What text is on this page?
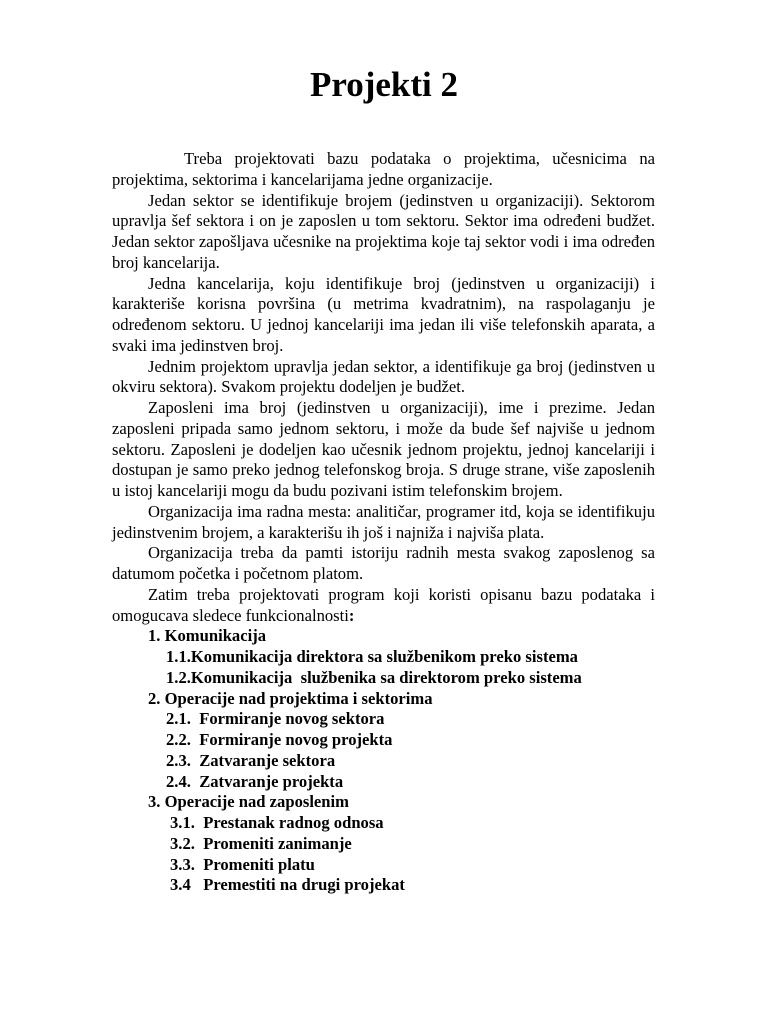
Projekti 2

Treba projektovati bazu podataka o projektima, učesnicima na projektima, sektorima i kancelarijama jedne organizacije.

Jedan sektor se identifikuje brojem (jedinstven u organizaciji). Sektorom upravlja šef sektora i on je zaposlen u tom sektoru. Sektor ima određeni budžet. Jedan sektor zapošljava učesnike na projektima koje taj sektor vodi i ima određen broj kancelarija.

Jedna kancelarija, koju identifikuje broj (jedinstven u organizaciji) i karakteriše korisna površina (u metrima kvadratnim), na raspolaganju je određenom sektoru. U jednoj kancelariji ima jedan ili više telefonskih aparata, a svaki ima jedinstven broj.

Jednim projektom upravlja jedan sektor, a identifikuje ga broj (jedinstven u okviru sektora). Svakom projektu dodeljen je budžet.

Zaposleni ima broj (jedinstven u organizaciji), ime i prezime. Jedan zaposleni pripada samo jednom sektoru, i može da bude šef najviše u jednom sektoru. Zaposleni je dodeljen kao učesnik jednom projektu, jednoj kancelariji i dostupan je samo preko jednog telefonskog broja. S druge strane, više zaposlenih u istoj kancelariji mogu da budu pozivani istim telefonskim brojem.

Organizacija ima radna mesta: analitičar, programer itd, koja se identifikuju jedinstvenim brojem, a karakterišu ih još i najniža i najviša plata.

Organizacija treba da pamti istoriju radnih mesta svakog zaposlenog sa datumom početka i početnom platom.

Zatim treba projektovati program koji koristi opisanu bazu podataka i omogucava sledece funkcionalnosti:

1. Komunikacija
1.1.Komunikacija direktora sa službenikom preko sistema
1.2.Komunikacija  službenika sa direktorom preko sistema
2. Operacije nad projektima i sektorima
2.1.  Formiranje novog sektora
2.2.  Formiranje novog projekta
2.3.  Zatvaranje sektora
2.4.  Zatvaranje projekta
3. Operacije nad zaposlenim
3.1.  Prestanak radnog odnosa
3.2.  Promeniti zanimanje
3.3.  Promeniti platu
3.4   Premestiti na drugi projekat
